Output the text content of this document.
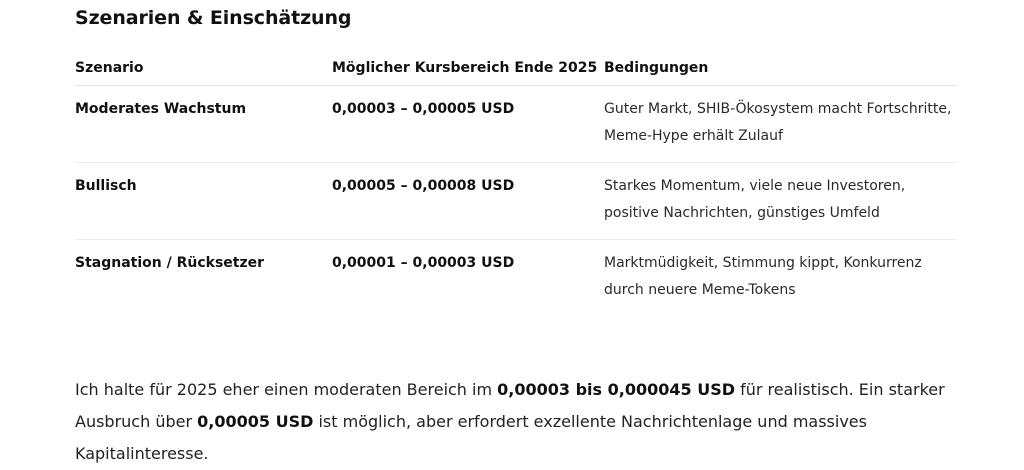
Szenarien & Einschätzung
Szenario	Möglicher Kursbereich Ende 2025	Bedingungen
Moderates Wachstum	0,00003 – 0,00005 USD	Guter Markt, SHIB-Ökosystem macht Fortschritte, Meme-Hype erhält Zulauf
Bullisch	0,00005 – 0,00008 USD	Starkes Momentum, viele neue Investoren, positive Nachrichten, günstiges Umfeld
Stagnation / Rücksetzer	0,00001 – 0,00003 USD	Marktmüdigkeit, Stimmung kippt, Konkurrenz durch neuere Meme-Tokens

Ich halte für 2025 eher einen moderaten Bereich im 0,00003 bis 0,000045 USD für realistisch. Ein starker Ausbruch über 0,00005 USD ist möglich, aber erfordert exzellente Nachrichtenlage und massives Kapitalinteresse.
